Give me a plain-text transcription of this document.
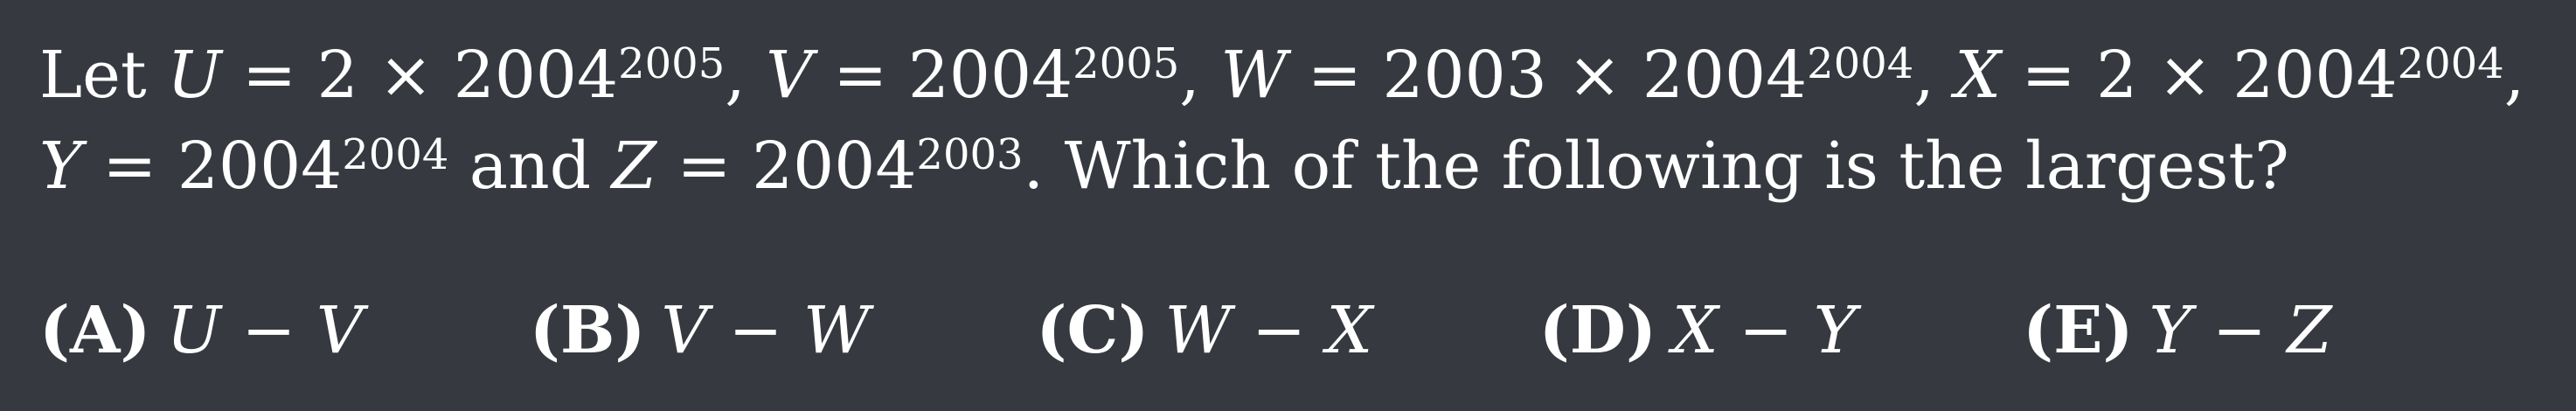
Let $U = 2 \times 2004^{2005}$, $V = 2004^{2005}$, $W = 2003 \times 2004^{2004}$, $X = 2 \times 2004^{2004}$,
$Y = 2004^{2004}$ and $Z = 2004^{2003}$. Which of the following is the largest?
(A) U − V	(B) V − W	(C) W − X	(D) X − Y	(E) Y − Z
